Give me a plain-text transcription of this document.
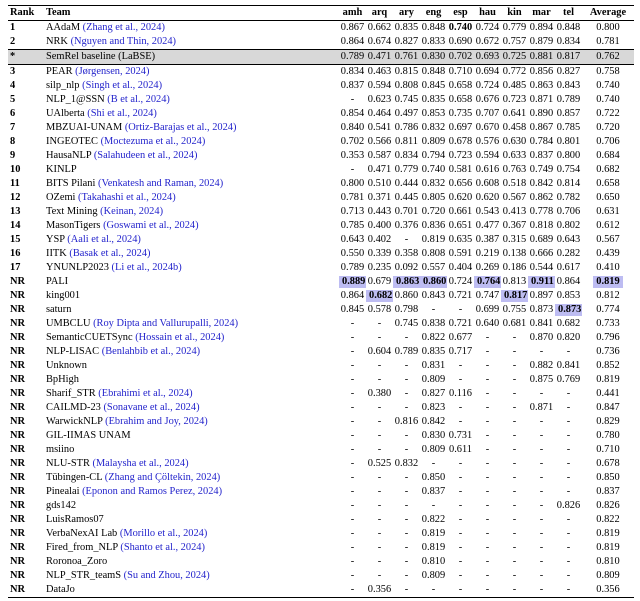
Rank	Team	amh	arq	ary	eng	esp	hau	kin	mar	tel	Average
1	AAdaM (Zhang et al., 2024)	0.867	0.662	0.835	0.848	0.740	0.724	0.779	0.894	0.848	0.800
2	NRK (Nguyen and Thin, 2024)	0.864	0.674	0.827	0.833	0.690	0.672	0.757	0.879	0.834	0.781
*	SemRel baseline (LaBSE)	0.789	0.471	0.761	0.830	0.702	0.693	0.725	0.881	0.817	0.762
3	PEAR (Jørgensen, 2024)	0.834	0.463	0.815	0.848	0.710	0.694	0.772	0.856	0.827	0.758
4	silp_nlp (Singh et al., 2024)	0.837	0.594	0.808	0.845	0.658	0.724	0.485	0.863	0.843	0.740
5	NLP_1@SSN (B et al., 2024)	-	0.623	0.745	0.835	0.658	0.676	0.723	0.871	0.789	0.740
6	UAlberta (Shi et al., 2024)	0.854	0.464	0.497	0.853	0.735	0.707	0.641	0.890	0.857	0.722
7	MBZUAI-UNAM (Ortiz-Barajas et al., 2024)	0.840	0.541	0.786	0.832	0.697	0.670	0.458	0.867	0.785	0.720
8	INGEOTEC (Moctezuma et al., 2024)	0.702	0.566	0.811	0.809	0.678	0.576	0.630	0.784	0.801	0.706
9	HausaNLP (Salahudeen et al., 2024)	0.353	0.587	0.834	0.794	0.723	0.594	0.633	0.837	0.800	0.684
10	KINLP	-	0.471	0.779	0.740	0.581	0.616	0.763	0.749	0.754	0.682
11	BITS Pilani (Venkatesh and Raman, 2024)	0.800	0.510	0.444	0.832	0.656	0.608	0.518	0.842	0.814	0.658
12	OZemi (Takahashi et al., 2024)	0.781	0.371	0.445	0.805	0.620	0.620	0.567	0.862	0.782	0.650
13	Text Mining (Keinan, 2024)	0.713	0.443	0.701	0.720	0.661	0.543	0.413	0.778	0.706	0.631
14	MasonTigers (Goswami et al., 2024)	0.785	0.400	0.376	0.836	0.651	0.477	0.367	0.818	0.802	0.612
15	YSP (Aali et al., 2024)	0.643	0.402	-	0.819	0.635	0.387	0.315	0.689	0.643	0.567
16	IITK (Basak et al., 2024)	0.550	0.339	0.358	0.808	0.591	0.219	0.138	0.666	0.282	0.439
17	YNUNLP2023 (Li et al., 2024b)	0.789	0.235	0.092	0.557	0.404	0.269	0.186	0.544	0.617	0.410
NR	PALI	0.889	0.679	0.863	0.860	0.724	0.764	0.813	0.911	0.864	0.819
NR	king001	0.864	0.682	0.860	0.843	0.721	0.747	0.817	0.897	0.853	0.812
NR	saturn	0.845	0.578	0.798	-	-	0.699	0.755	0.873	0.873	0.774
NR	UMBCLU (Roy Dipta and Vallurupalli, 2024)	-	-	0.745	0.838	0.721	0.640	0.681	0.841	0.682	0.733
NR	SemanticCUETSync (Hossain et al., 2024)	-	-	-	0.822	0.677	-	-	0.870	0.820	0.796
NR	NLP-LISAC (Benlahbib et al., 2024)	-	0.604	0.789	0.835	0.717	-	-	-	-	0.736
NR	Unknown	-	-	-	0.831	-	-	-	0.882	0.841	0.852
NR	BpHigh	-	-	-	0.809	-	-	-	0.875	0.769	0.819
NR	Sharif_STR (Ebrahimi et al., 2024)	-	0.380	-	0.827	0.116	-	-	-	-	0.441
NR	CAILMD-23 (Sonavane et al., 2024)	-	-	-	0.823	-	-	-	0.871	-	0.847
NR	WarwickNLP (Ebrahim and Joy, 2024)	-	-	0.816	0.842	-	-	-	-	-	0.829
NR	GIL-IIMAS UNAM	-	-	-	0.830	0.731	-	-	-	-	0.780
NR	msiino	-	-	-	0.809	0.611	-	-	-	-	0.710
NR	NLU-STR (Malaysha et al., 2024)	-	0.525	0.832	-	-	-	-	-	-	0.678
NR	Tübingen-CL (Zhang and Çöltekin, 2024)	-	-	-	0.850	-	-	-	-	-	0.850
NR	Pinealai (Eponon and Ramos Perez, 2024)	-	-	-	0.837	-	-	-	-	-	0.837
NR	gds142	-	-	-	-	-	-	-	-	0.826	0.826
NR	LuisRamos07	-	-	-	0.822	-	-	-	-	-	0.822
NR	VerbaNexAI Lab (Morillo et al., 2024)	-	-	-	0.819	-	-	-	-	-	0.819
NR	Fired_from_NLP (Shanto et al., 2024)	-	-	-	0.819	-	-	-	-	-	0.819
NR	Roronoa_Zoro	-	-	-	0.810	-	-	-	-	-	0.810
NR	NLP_STR_teamS (Su and Zhou, 2024)	-	-	-	0.809	-	-	-	-	-	0.809
NR	DataJo	-	0.356	-	-	-	-	-	-	-	0.356
